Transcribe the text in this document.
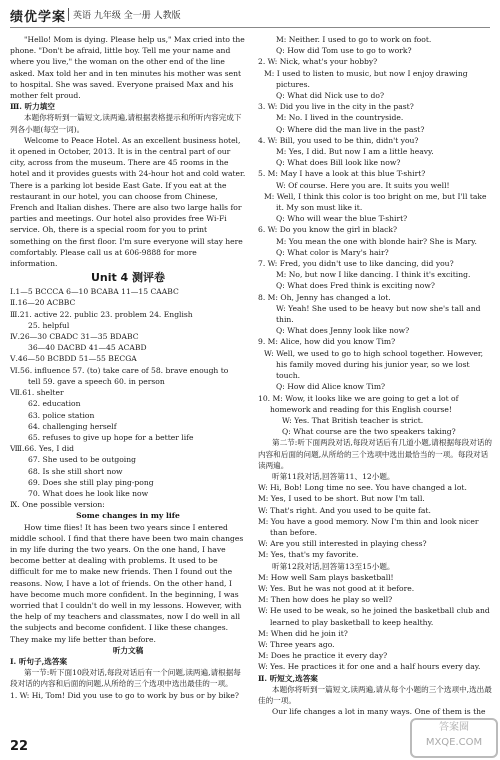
绩优学案 英语 九年级 全一册 人教版

"Hello! Mom is dying. Please help us," Max cried into the phone. "Don't be afraid, little boy. Tell me your name and where you live," the woman on the other end of the line asked. Max told her and in ten minutes his mother was sent to hospital. She was saved. Everyone praised Max and his mother felt proud.

Ⅲ. 听力填空

本题你将听到一篇短文,读两遍,请根据表格提示和所听内容完成下列各小题(每空一词)。

Welcome to Peace Hotel. As an excellent business hotel, it opened in October, 2013. It is in the central part of our city, across from the museum. There are 45 rooms in the hotel and it provides guests with 24-hour hot and cold water. There is a parking lot beside East Gate. If you eat at the restaurant in our hotel, you can choose from Chinese, French and Italian dishes. There are also two large halls for parties and meetings. Our hotel also provides free Wi-Fi service. Oh, there is a special room for you to print something on the first floor. I'm sure everyone will stay here comfortably. Please call us at 606-9888 for more information.

Unit 4 测评卷

Ⅰ.1—5 BCCCA 6—10 BCABA 11—15 CAABC

Ⅱ.16—20 ACBBC

Ⅲ.21. active 22. public 23. problem 24. English

25. helpful

Ⅳ.26—30 CBADC 31—35 BDABC

36—40 DACBD 41—45 ACABD

Ⅴ.46—50 BCBDD 51—55 BECGA

Ⅵ.56. influence 57. (to) take care of 58. brave enough to

tell 59. gave a speech 60. in person

Ⅶ.61. shelter

62. education

63. police station

64. challenging herself

65. refuses to give up hope for a better life

Ⅷ.66. Yes, I did

67. She used to be outgoing

68. Is she still short now

69. Does she still play ping-pong

70. What does he look like now

Ⅸ. One possible version:

Some changes in my life

How time flies! It has been two years since I entered middle school. I find that there have been two main changes in my life during the two years. On the one hand, I have become better at dealing with problems. It used to be difficult for me to make new friends. Then I found out the reasons. Now, I have a lot of friends. On the other hand, I have become much more confident. In the beginning, I was worried that I couldn't do well in my lessons. However, with the help of my teachers and classmates, now I do well in all the subjects and become confident. I like these changes. They make my life better than before.

听力文稿

Ⅰ. 听句子,选答案

第一节:听下面10段对话,每段对话后有一个问题,读两遍,请根据每段对话的内容和后面的问题,从所给的三个选项中选出最佳的一项。

1. W: Hi, Tom! Did you use to go to work by bus or by bike?

M: Neither. I used to go to work on foot.

Q: How did Tom use to go to work?

2. W: Nick, what's your hobby?

M: I used to listen to music, but now I enjoy drawing pictures.

Q: What did Nick use to do?

3. W: Did you live in the city in the past?

M: No. I lived in the countryside.

Q: Where did the man live in the past?

4. W: Bill, you used to be thin, didn't you?

M: Yes, I did. But now I am a little heavy.

Q: What does Bill look like now?

5. M: May I have a look at this blue T-shirt?

W: Of course. Here you are. It suits you well!

M: Well, I think this color is too bright on me, but I'll take it. My son must like it.

Q: Who will wear the blue T-shirt?

6. W: Do you know the girl in black?

M: You mean the one with blonde hair? She is Mary.

Q: What color is Mary's hair?

7. W: Fred, you didn't use to like dancing, did you?

M: No, but now I like dancing. I think it's exciting.

Q: What does Fred think is exciting now?

8. M: Oh, Jenny has changed a lot.

W: Yeah! She used to be heavy but now she's tall and thin.

Q: What does Jenny look like now?

9. M: Alice, how did you know Tim?

W: Well, we used to go to high school together. However, his family moved during his junior year, so we lost touch.

Q: How did Alice know Tim?

10. M: Wow, it looks like we are going to get a lot of homework and reading for this English course!

W: Yes. That British teacher is strict.

Q: What course are the two speakers taking?

第二节:听下面两段对话,每段对话后有几道小题,请根据每段对话的内容和后面的问题,从所给的三个选项中选出最恰当的一项。每段对话读两遍。

听第11段对话,回答第11、12小题。

W: Hi, Bob! Long time no see. You have changed a lot.

M: Yes, I used to be short. But now I'm tall.

W: That's right. And you used to be quite fat.

M: You have a good memory. Now I'm thin and look nicer than before.

W: Are you still interested in playing chess?

M: Yes, that's my favorite.

听第12段对话,回答第13至15小题。

M: How well Sam plays basketball!

W: Yes. But he was not good at it before.

M: Then how does he play so well?

W: He used to be weak, so he joined the basketball club and learned to play basketball to keep healthy.

M: When did he join it?

W: Three years ago.

M: Does he practice it every day?

W: Yes. He practices it for one and a half hours every day.

Ⅱ. 听短文,选答案

本题你将听到一篇短文,读两遍,请从每个小题的三个选项中,选出最佳的一项。

Our life changes a lot in many ways. One of them is the

22
答案圈
MXQE.COM
